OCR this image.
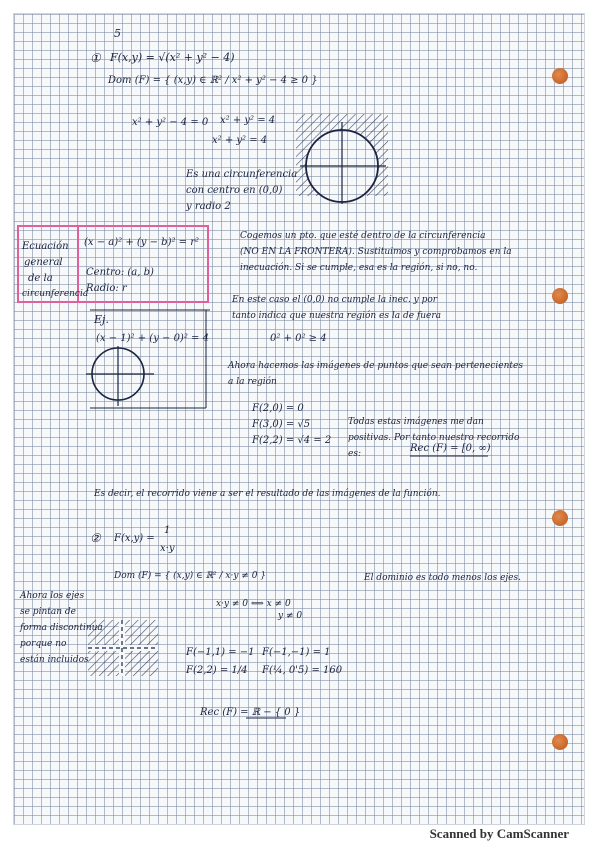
5
① F(x,y) = √(x² + y² − 4)
Dom (F) = { (x,y) ∈ ℝ² / x² + y² − 4 ≥ 0 }
x² + y² − 4 = 0 x² + y² = 4
x² + y² = 4
Es una circunferencia
con centro en (0,0)
y radio 2
Ecuación
general
de la
circunferencia
(x − a)² + (y − b)² = r²
Centro: (a, b)
Radio: r
Cogemos un pto. que esté dentro de la circunferencia
(NO EN LA FRONTERA). Sustituimos y comprobamos en la
inecuación. Si se cumple, esa es la región, si no, no.
En este caso el (0,0) no cumple la inec. y por
tanto indica que nuestra región es la de fuera
0² + 0² ≥ 4
Ej.
(x − 1)² + (y − 0)² = 4
Ahora hacemos las imágenes de puntos que sean pertenecientes
a la región
F(2,0) = 0
F(3,0) = √5
F(2,2) = √4 = 2
Todas estas imágenes me dan
positivas. Por tanto nuestro recorrido
es:	Rec (F) = [0, ∞)
Es decir, el recorrido viene a ser el resultado de las imágenes de la función.
② F(x,y) =
1
x·y
Dom (F) = { (x,y) ∈ ℝ² / x·y ≠ 0 }	El dominio es todo menos los ejes.
x·y ≠ 0 ⟺ x ≠ 0
y ≠ 0
Ahora los ejes
se pintan de
forma discontinua
porque no
están incluidos
F(−1,1) = −1 F(−1,−1) = 1
F(2,2) = 1/4 F(¼, 0'5) = 160
Rec (F) = ℝ − { 0 }
Scanned by CamScanner
